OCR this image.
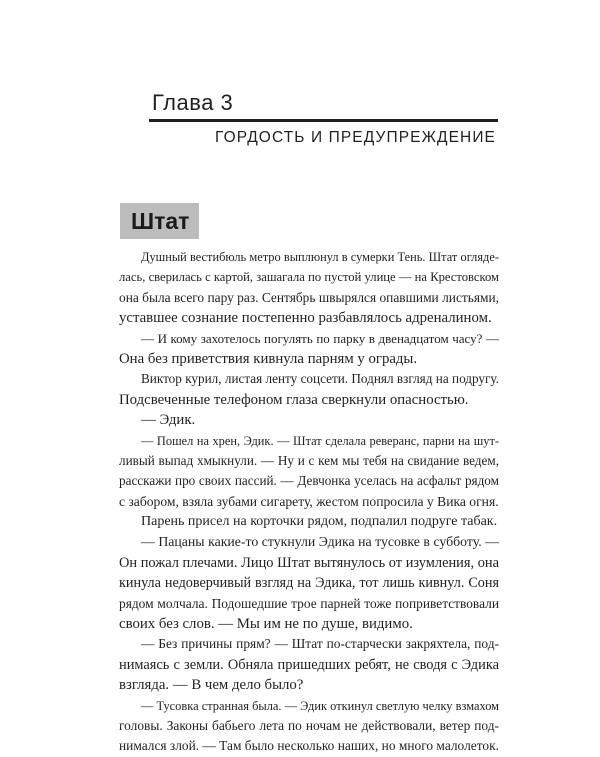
Глава 3
ГОРДОСТЬ И ПРЕДУПРЕЖДЕНИЕ
Штат
Душный вестибюль метро выплюнул в сумерки Тень. Штат огляде-
лась, сверилась с картой, зашагала по пустой улице — на Крестовском
она была всего пару раз. Сентябрь швырялся опавшими листьями,
уставшее сознание постепенно разбавлялось адреналином.
–– И кому захотелось погулять по парку в двенадцатом часу? ––
Она без приветствия кивнула парням у ограды.
Виктор курил, листая ленту соцсети. Поднял взгляд на подругу.
Подсвеченные телефоном глаза сверкнули опасностью.
— Эдик.
— Пошел на хрен, Эдик. — Штат сделала реверанс, парни на шут-
ливый выпад хмыкнули. — Ну и с кем мы тебя на свидание ведем,
расскажи про своих пассий. — Девчонка уселась на асфальт рядом
с забором, взяла зубами сигарету, жестом попросила у Вика огня.
Парень присел на корточки рядом, подпалил подруге табак.
— Пацаны какие-то стукнули Эдика на тусовке в субботу. —
Он пожал плечами. Лицо Штат вытянулось от изумления, она
кинула недоверчивый взгляд на Эдика, тот лишь кивнул. Соня
рядом молчала. Подошедшие трое парней тоже поприветствовали
своих без слов. –– Мы им не по душе, видимо.
— Без причины прям? — Штат по-старчески закряхтела, под-
нимаясь с земли. Обняла пришедших ребят, не сводя с Эдика
взгляда. — В чем дело было?
— Тусовка странная была. — Эдик откинул светлую челку взмахом
головы. Законы бабьего лета по ночам не действовали, ветер под-
нимался злой. — Там было несколько наших, но много малолеток.
